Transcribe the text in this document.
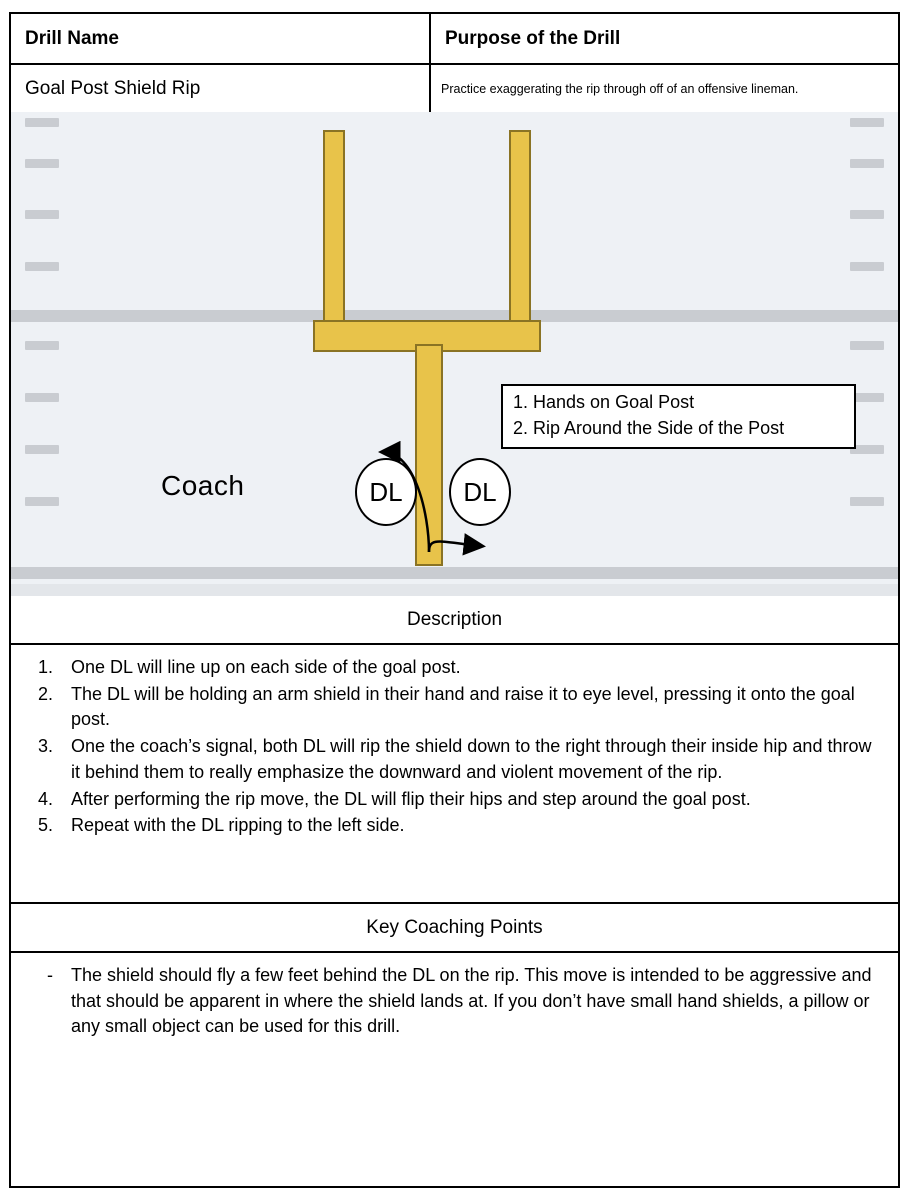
Drill Name	Purpose of the Drill
Goal Post Shield Rip	Practice exaggerating the rip through off of an offensive lineman.
Coach	DL DL
1. Hands on Goal Post
2. Rip Around the Side of the Post
Description
1.	One DL will line up on each side of the goal post.
2.	The DL will be holding an arm shield in their hand and raise it to eye level, pressing it onto the goal post.
3.	One the coach’s signal, both DL will rip the shield down to the right through their inside hip and throw it behind them to really emphasize the downward and violent movement of the rip.
4.	After performing the rip move, the DL will flip their hips and step around the goal post.
5.	Repeat with the DL ripping to the left side.
Key Coaching Points
-	The shield should fly a few feet behind the DL on the rip. This move is intended to be aggressive and that should be apparent in where the shield lands at. If you don’t have small hand shields, a pillow or any small object can be used for this drill.
